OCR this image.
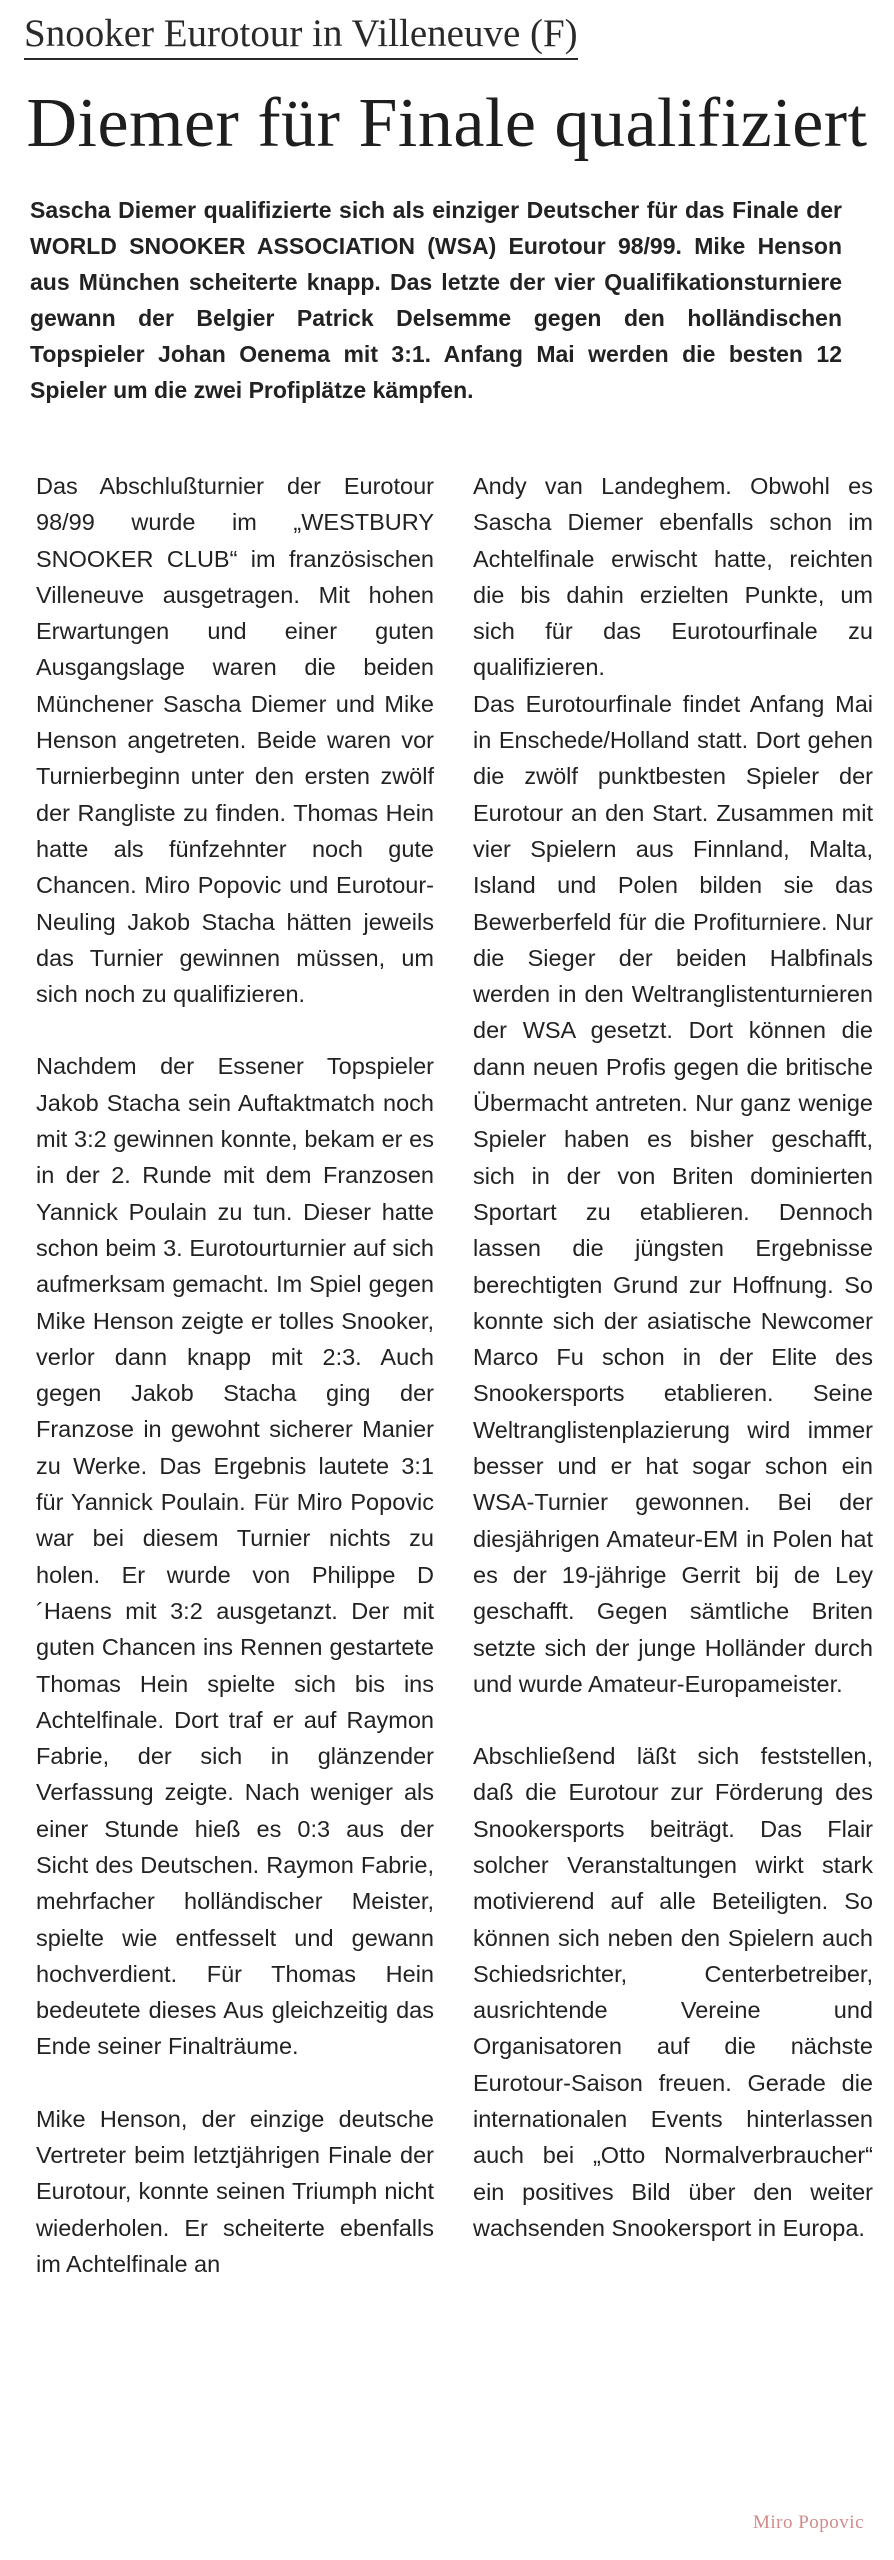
Snooker Eurotour in Villeneuve (F)
Diemer für Finale qualifiziert

Sascha Diemer qualifizierte sich als einziger Deutscher für das Finale der WORLD SNOOKER ASSOCIATION (WSA) Eurotour 98/99. Mike Henson aus München scheiterte knapp. Das letzte der vier Qualifikationsturniere gewann der Belgier Patrick Delsemme gegen den holländischen Topspieler Johan Oenema mit 3:1. Anfang Mai werden die besten 12 Spieler um die zwei Profiplätze kämpfen.

Das Abschlußturnier der Eurotour 98/99 wurde im „WESTBURY SNOOKER CLUB“ im französischen Villeneuve ausgetragen. Mit hohen Erwartungen und einer guten Ausgangslage waren die beiden Münchener Sascha Diemer und Mike Henson angetreten. Beide waren vor Turnierbeginn unter den ersten zwölf der Rangliste zu finden. Thomas Hein hatte als fünfzehnter noch gute Chancen. Miro Popovic und Eurotour-Neuling Jakob Stacha hätten jeweils das Turnier gewinnen müssen, um sich noch zu qualifizieren.

Nachdem der Essener Topspieler Jakob Stacha sein Auftaktmatch noch mit 3:2 gewinnen konnte, bekam er es in der 2. Runde mit dem Franzosen Yannick Poulain zu tun. Dieser hatte schon beim 3. Eurotourturnier auf sich aufmerksam gemacht. Im Spiel gegen Mike Henson zeigte er tolles Snooker, verlor dann knapp mit 2:3. Auch gegen Jakob Stacha ging der Franzose in gewohnt sicherer Manier zu Werke. Das Ergebnis lautete 3:1 für Yannick Poulain. Für Miro Popovic war bei diesem Turnier nichts zu holen. Er wurde von Philippe D´Haens mit 3:2 ausgetanzt. Der mit guten Chancen ins Rennen gestartete Thomas Hein spielte sich bis ins Achtelfinale. Dort traf er auf Raymon Fabrie, der sich in glänzender Verfassung zeigte. Nach weniger als einer Stunde hieß es 0:3 aus der Sicht des Deutschen. Raymon Fabrie, mehrfacher holländischer Meister, spielte wie entfesselt und gewann hochverdient. Für Thomas Hein bedeutete dieses Aus gleichzeitig das Ende seiner Finalträume.

Mike Henson, der einzige deutsche Vertreter beim letztjährigen Finale der Eurotour, konnte seinen Triumph nicht wiederholen. Er scheiterte ebenfalls im Achtelfinale an

Andy van Landeghem. Obwohl es Sascha Diemer ebenfalls schon im Achtelfinale erwischt hatte, reichten die bis dahin erzielten Punkte, um sich für das Eurotourfinale zu qualifizieren.

Das Eurotourfinale findet Anfang Mai in Enschede/Holland statt. Dort gehen die zwölf punktbesten Spieler der Eurotour an den Start. Zusammen mit vier Spielern aus Finnland, Malta, Island und Polen bilden sie das Bewerberfeld für die Profiturniere. Nur die Sieger der beiden Halbfinals werden in den Weltranglistenturnieren der WSA gesetzt. Dort können die dann neuen Profis gegen die britische Übermacht antreten. Nur ganz wenige Spieler haben es bisher geschafft, sich in der von Briten dominierten Sportart zu etablieren. Dennoch lassen die jüngsten Ergebnisse berechtigten Grund zur Hoffnung. So konnte sich der asiatische Newcomer Marco Fu schon in der Elite des Snookersports etablieren. Seine Weltranglistenplazierung wird immer besser und er hat sogar schon ein WSA-Turnier gewonnen. Bei der diesjährigen Amateur-EM in Polen hat es der 19-jährige Gerrit bij de Ley geschafft. Gegen sämtliche Briten setzte sich der junge Holländer durch und wurde Amateur-Europameister.

Abschließend läßt sich feststellen, daß die Eurotour zur Förderung des Snookersports beiträgt. Das Flair solcher Veranstaltungen wirkt stark motivierend auf alle Beteiligten. So können sich neben den Spielern auch Schiedsrichter, Centerbetreiber, ausrichtende Vereine und Organisatoren auf die nächste Eurotour-Saison freuen. Gerade die internationalen Events hinterlassen auch bei „Otto Normalverbraucher“ ein positives Bild über den weiter wachsenden Snookersport in Europa.

Miro Popovic
